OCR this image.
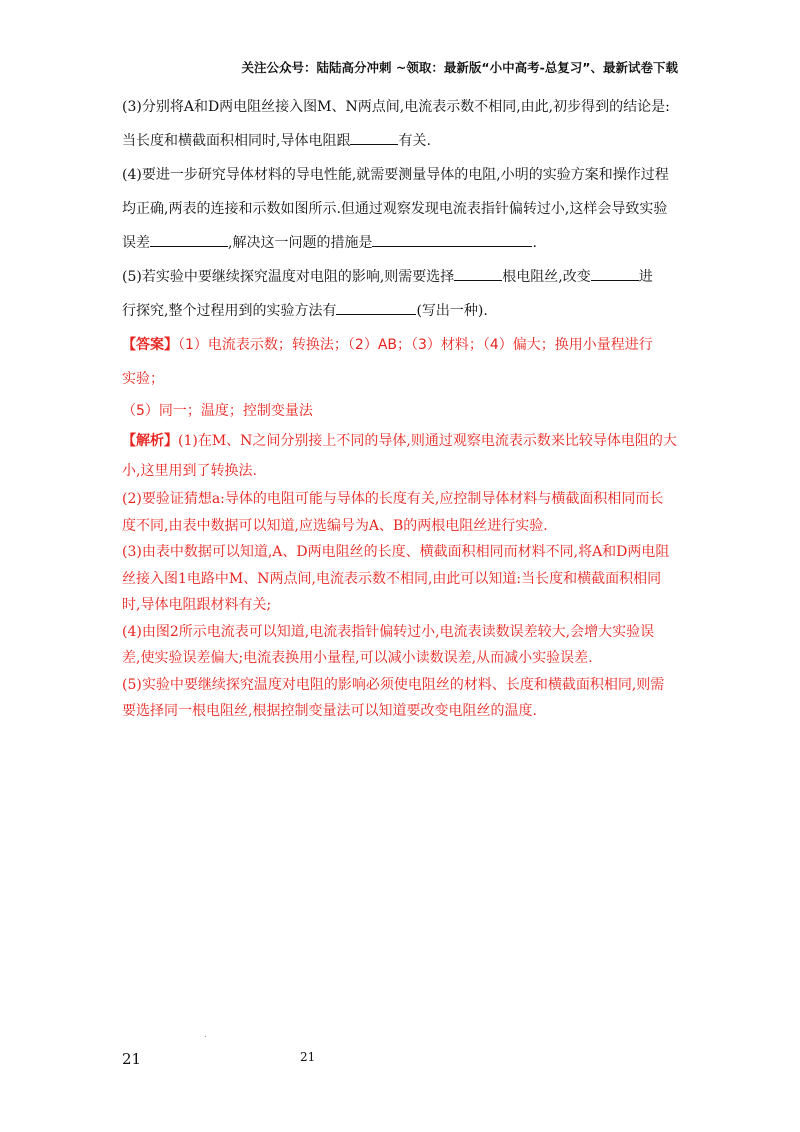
关注公众号：陆陆高分冲刺 ~领取：最新版“小中高考-总复习”、最新试卷下载

(3)分别将A和D两电阻丝接入图M、N两点间,电流表示数不相同,由此,初步得到的结论是:

当长度和横截面积相同时,导体电阻跟	有关.

(4)要进一步研究导体材料的导电性能,就需要测量导体的电阻,小明的实验方案和操作过程

均正确,两表的连接和示数如图所示.但通过观察发现电流表指针偏转过小,这样会导致实验

误差	,解决这一问题的措施是	.

(5)若实验中要继续探究温度对电阻的影响,则需要选择	根电阻丝,改变	进

行探究,整个过程用到的实验方法有	(写出一种).

【答案】（1）电流表示数；转换法；（2）AB；（3）材料；（4）偏大；换用小量程进行
实验；
（5）同一；温度；控制变量法
【解析】(1)在M、N之间分别接上不同的导体,则通过观察电流表示数来比较导体电阻的大
小,这里用到了转换法.
(2)要验证猜想a:导体的电阻可能与导体的长度有关,应控制导体材料与横截面积相同而长
度不同,由表中数据可以知道,应选编号为A、B的两根电阻丝进行实验.
(3)由表中数据可以知道,A、D两电阻丝的长度、横截面积相同而材料不同,将A和D两电阻
丝接入图1电路中M、N两点间,电流表示数不相同,由此可以知道:当长度和横截面积相同
时,导体电阻跟材料有关;
(4)由图2所示电流表可以知道,电流表指针偏转过小,电流表读数误差较大,会增大实验误
差,使实验误差偏大;电流表换用小量程,可以减小读数误差,从而减小实验误差.
(5)实验中要继续探究温度对电阻的影响必须使电阻丝的材料、长度和横截面积相同,则需
要选择同一根电阻丝,根据控制变量法可以知道要改变电阻丝的温度.
21	21
